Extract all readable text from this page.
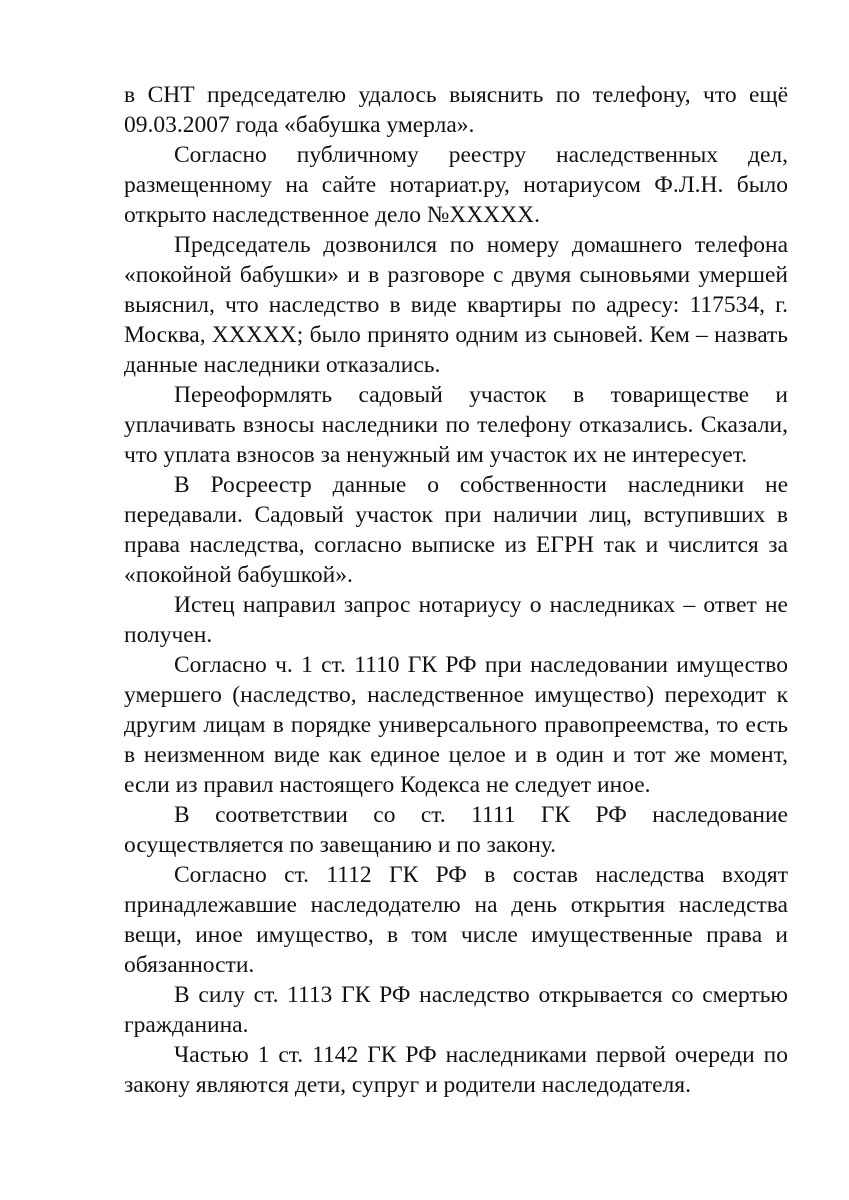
в СНТ председателю удалось выяснить по телефону, что ещё 09.03.2007 года «бабушка умерла».

Согласно публичному реестру наследственных дел, размещенному на сайте нотариат.ру, нотариусом Ф.Л.Н. было открыто наследственное дело №ХХХХХ.

Председатель дозвонился по номеру домашнего телефона «покойной бабушки» и в разговоре с двумя сыновьями умершей выяснил, что наследство в виде квартиры по адресу: 117534, г. Москва, ХХХХХ; было принято одним из сыновей. Кем – назвать данные наследники отказались.

Переоформлять садовый участок в товариществе и уплачивать взносы наследники по телефону отказались. Сказали, что уплата взносов за ненужный им участок их не интересует.

В Росреестр данные о собственности наследники не передавали. Садовый участок при наличии лиц, вступивших в права наследства, согласно выписке из ЕГРН так и числится за «покойной бабушкой».

Истец направил запрос нотариусу о наследниках – ответ не получен.

Согласно ч. 1 ст. 1110 ГК РФ при наследовании имущество умершего (наследство, наследственное имущество) переходит к другим лицам в порядке универсального правопреемства, то есть в неизменном виде как единое целое и в один и тот же момент, если из правил настоящего Кодекса не следует иное.

В соответствии со ст. 1111 ГК РФ наследование осуществляется по завещанию и по закону.

Согласно ст. 1112 ГК РФ в состав наследства входят принадлежавшие наследодателю на день открытия наследства вещи, иное имущество, в том числе имущественные права и обязанности.

В силу ст. 1113 ГК РФ наследство открывается со смертью гражданина.

Частью 1 ст. 1142 ГК РФ наследниками первой очереди по закону являются дети, супруг и родители наследодателя.
